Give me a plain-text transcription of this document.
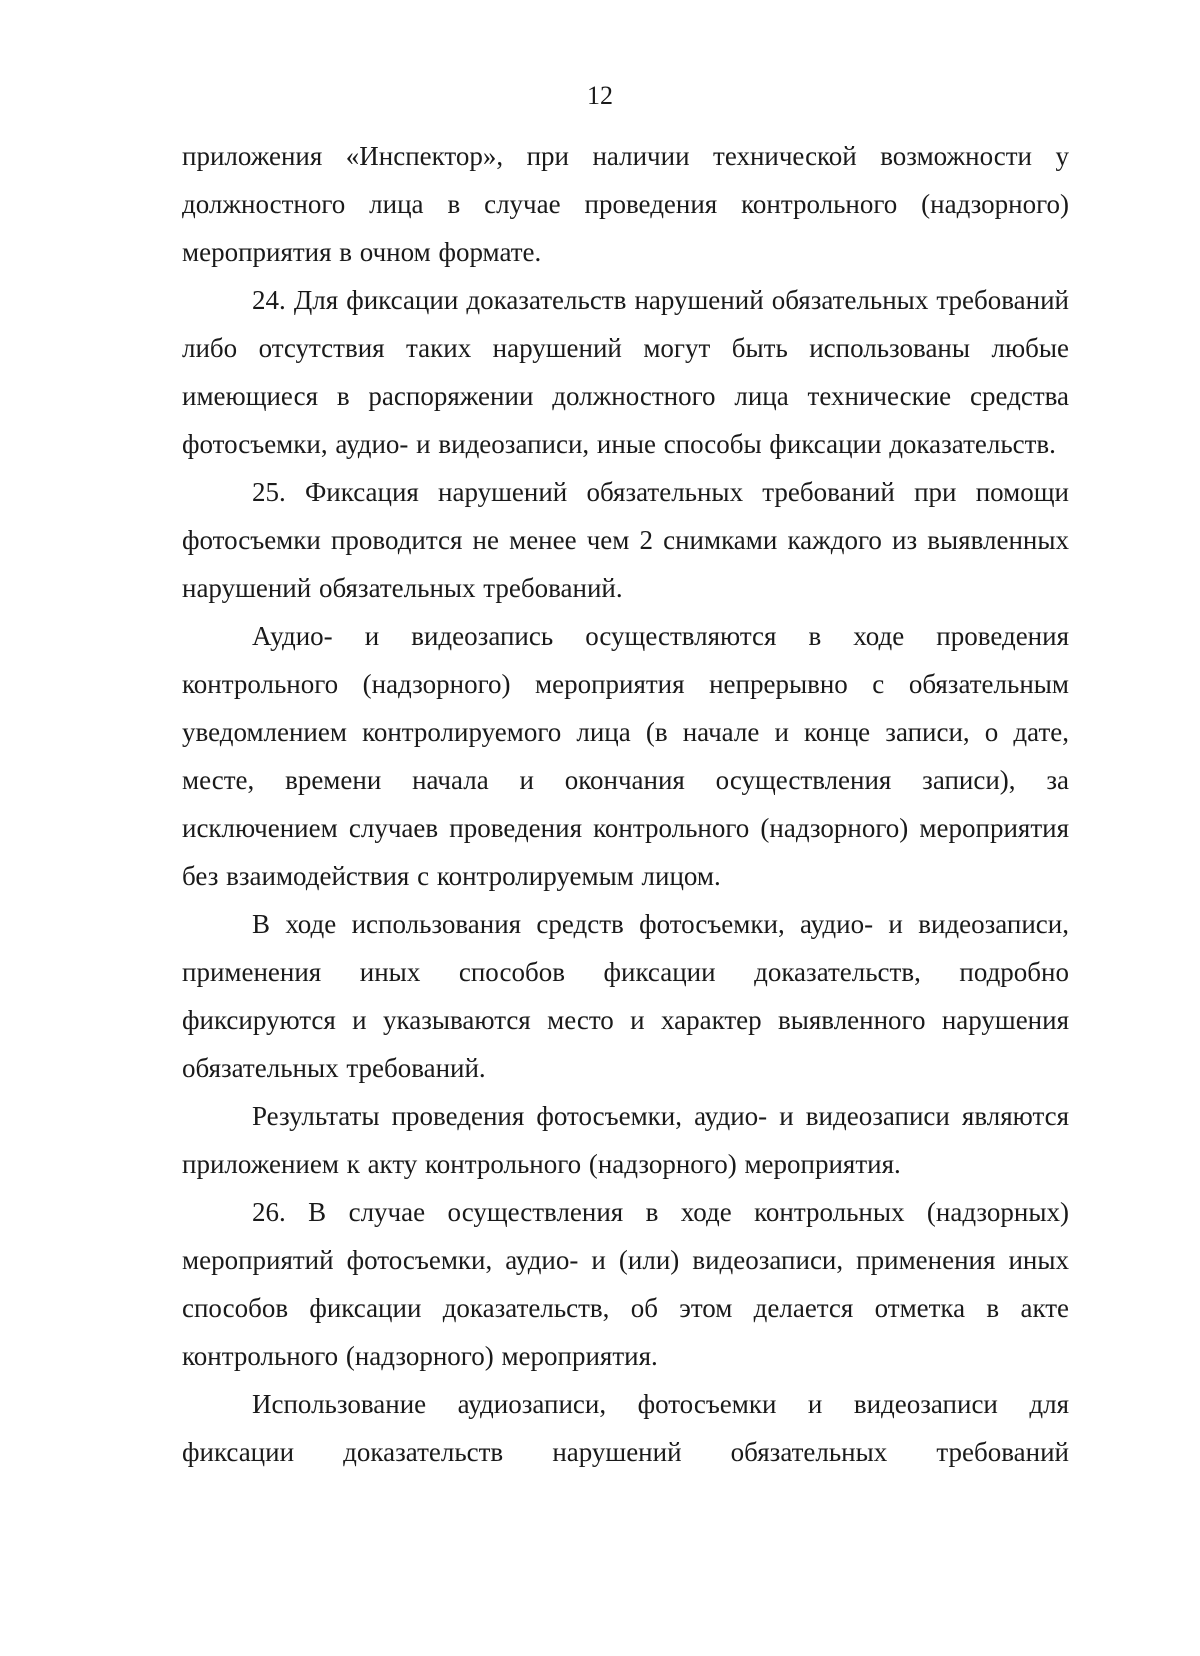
12

приложения «Инспектор», при наличии технической возможности у должностного лица в случае проведения контрольного (надзорного) мероприятия в очном формате.

24. Для фиксации доказательств нарушений обязательных требований либо отсутствия таких нарушений могут быть использованы любые имеющиеся в распоряжении должностного лица технические средства фотосъемки, аудио- и видеозаписи, иные способы фиксации доказательств.

25. Фиксация нарушений обязательных требований при помощи фотосъемки проводится не менее чем 2 снимками каждого из выявленных нарушений обязательных требований.

Аудио- и видеозапись осуществляются в ходе проведения контрольного (надзорного) мероприятия непрерывно с обязательным уведомлением контролируемого лица (в начале и конце записи, о дате, месте, времени начала и окончания осуществления записи), за исключением случаев проведения контрольного (надзорного) мероприятия без взаимодействия с контролируемым лицом.

В ходе использования средств фотосъемки, аудио- и видеозаписи, применения иных способов фиксации доказательств, подробно фиксируются и указываются место и характер выявленного нарушения обязательных требований.

Результаты проведения фотосъемки, аудио- и видеозаписи являются приложением к акту контрольного (надзорного) мероприятия.

26. В случае осуществления в ходе контрольных (надзорных) мероприятий фотосъемки, аудио- и (или) видеозаписи, применения иных способов фиксации доказательств, об этом делается отметка в акте контрольного (надзорного) мероприятия.

Использование аудиозаписи, фотосъемки и видеозаписи для фиксации доказательств нарушений обязательных требований
